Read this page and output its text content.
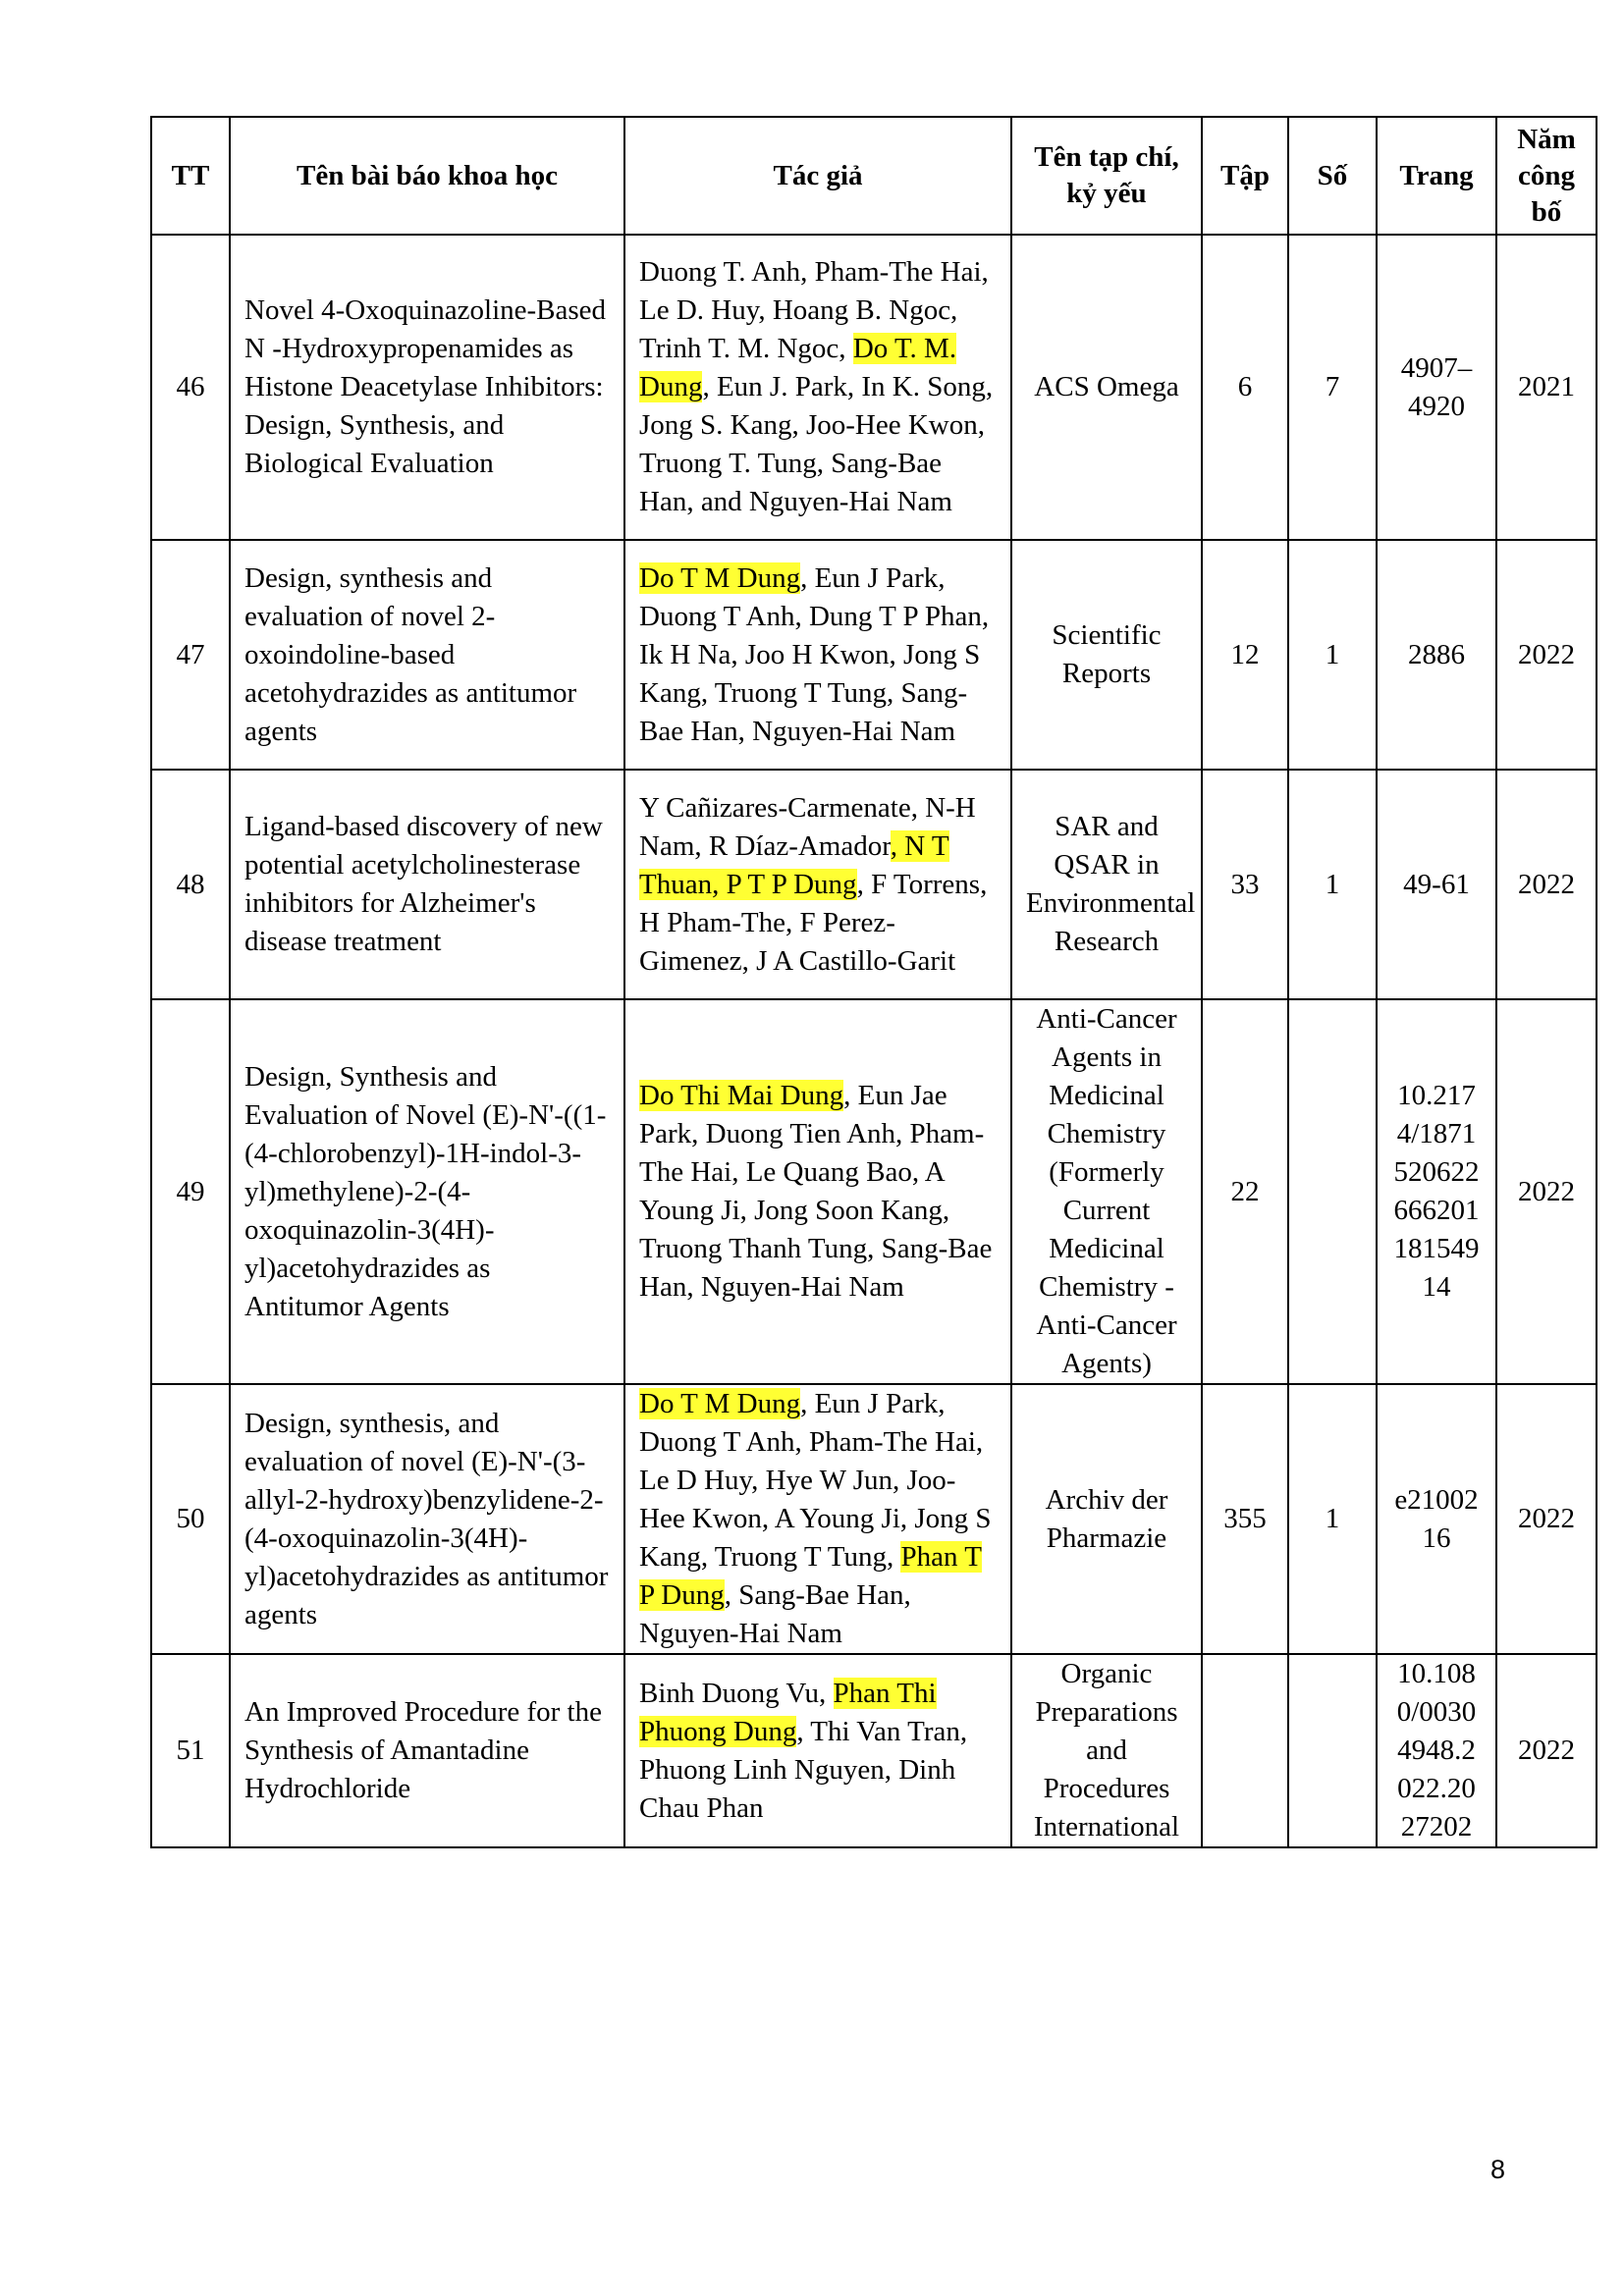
TT	Tên bài báo khoa học	Tác giả	Tên tạp chí, kỷ yếu	Tập	Số	Trang	Năm công bố
46	Novel 4-Oxoquinazoline-Based N -Hydroxypropenamides as Histone Deacetylase Inhibitors: Design, Synthesis, and Biological Evaluation	Duong T. Anh, Pham-The Hai, Le D. Huy, Hoang B. Ngoc, Trinh T. M. Ngoc, Do T. M. Dung, Eun J. Park, In K. Song, Jong S. Kang, Joo-Hee Kwon, Truong T. Tung, Sang-Bae Han, and Nguyen-Hai Nam	ACS Omega	6	7	4907–4920	2021
47	Design, synthesis and evaluation of novel 2-oxoindoline-based acetohydrazides as antitumor agents	Do T M Dung, Eun J Park, Duong T Anh, Dung T P Phan, Ik H Na, Joo H Kwon, Jong S Kang, Truong T Tung, Sang-Bae Han, Nguyen-Hai Nam	Scientific Reports	12	1	2886	2022
48	Ligand-based discovery of new potential acetylcholinesterase inhibitors for Alzheimer's disease treatment	Y Cañizares-Carmenate, N-H Nam, R Díaz-Amador, N T Thuan, P T P Dung, F Torrens, H Pham-The, F Perez-Gimenez, J A Castillo-Garit	SAR and QSAR in Environmental Research	33	1	49-61	2022
49	Design, Synthesis and Evaluation of Novel (E)-N'-((1-(4-chlorobenzyl)-1H-indol-3-yl)methylene)-2-(4-oxoquinazolin-3(4H)-yl)acetohydrazides as Antitumor Agents	Do Thi Mai Dung, Eun Jae Park, Duong Tien Anh, Pham-The Hai, Le Quang Bao, A Young Ji, Jong Soon Kang, Truong Thanh Tung, Sang-Bae Han, Nguyen-Hai Nam	Anti-Cancer Agents in Medicinal Chemistry (Formerly Current Medicinal Chemistry - Anti-Cancer Agents)	22		10.2174/187152062266620118154914	2022
50	Design, synthesis, and evaluation of novel (E)-N'-(3-allyl-2-hydroxy)benzylidene-2-(4-oxoquinazolin-3(4H)-yl)acetohydrazides as antitumor agents	Do T M Dung, Eun J Park, Duong T Anh, Pham-The Hai, Le D Huy, Hye W Jun, Joo-Hee Kwon, A Young Ji, Jong S Kang, Truong T Tung, Phan T P Dung, Sang-Bae Han, Nguyen-Hai Nam	Archiv der Pharmazie	355	1	e2100216	2022
51	An Improved Procedure for the Synthesis of Amantadine Hydrochloride	Binh Duong Vu, Phan Thi Phuong Dung, Thi Van Tran, Phuong Linh Nguyen, Dinh Chau Phan	Organic Preparations and Procedures International			10.1080/00304948.2022.2027202	2022
8
